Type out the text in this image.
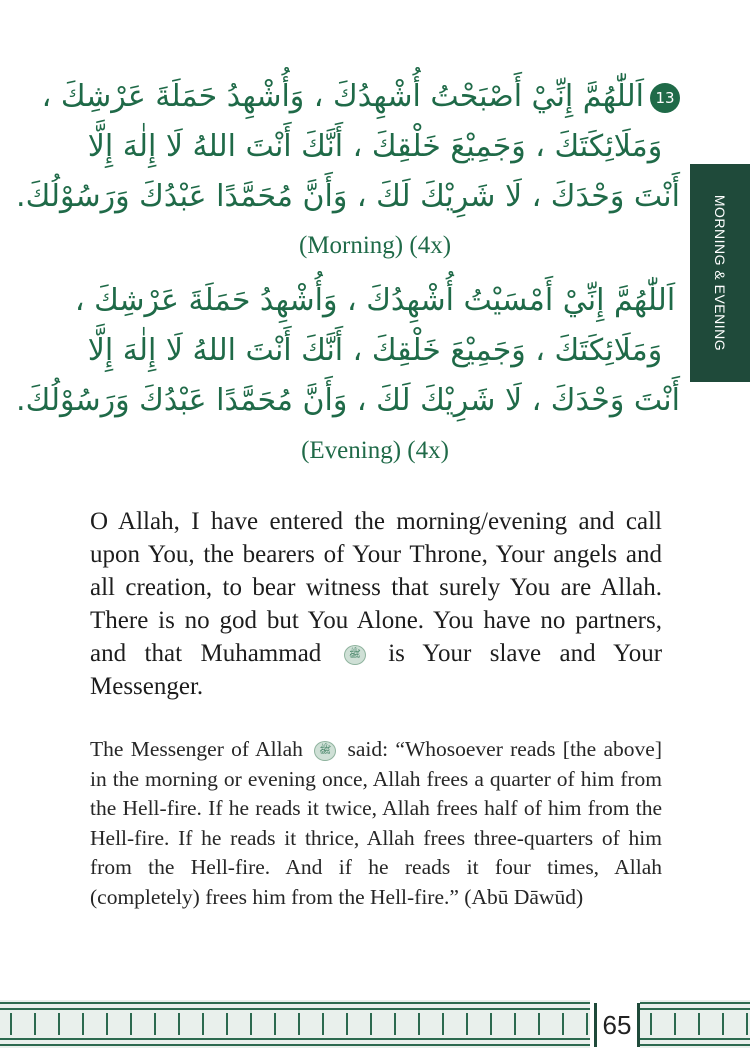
13اَللّٰهُمَّ إِنِّيْ أَصْبَحْتُ أُشْهِدُكَ ، وَأُشْهِدُ حَمَلَةَ عَرْشِكَ ،
وَمَلَائِكَتَكَ ، وَجَمِيْعَ خَلْقِكَ ، أَنَّكَ أَنْتَ اللهُ لَا إِلٰهَ إِلَّا
أَنْتَ وَحْدَكَ ، لَا شَرِيْكَ لَكَ ، وَأَنَّ مُحَمَّدًا عَبْدُكَ وَرَسُوْلُكَ.
(Morning) (4x)
اَللّٰهُمَّ إِنِّيْ أَمْسَيْتُ أُشْهِدُكَ ، وَأُشْهِدُ حَمَلَةَ عَرْشِكَ ،
وَمَلَائِكَتَكَ ، وَجَمِيْعَ خَلْقِكَ ، أَنَّكَ أَنْتَ اللهُ لَا إِلٰهَ إِلَّا
أَنْتَ وَحْدَكَ ، لَا شَرِيْكَ لَكَ ، وَأَنَّ مُحَمَّدًا عَبْدُكَ وَرَسُوْلُكَ.
(Evening) (4x)
O Allah, I have entered the morning/evening and call upon You, the bearers of Your Throne, Your angels and all creation, to bear witness that surely You are Allah. There is no god but You Alone. You have no partners, and that Muhammad	ﷺ is Your slave and Your Messenger.
The Messenger of Allah ﷺ said: “Whosoever reads [the above] in the morning or evening once, Allah frees a quarter of him from the Hell-fire. If he reads it twice, Allah frees half of him from the Hell-fire. If he reads it thrice, Allah frees three-quarters of him from the Hell-fire. And if he reads it four times, Allah (completely) frees him from the Hell-fire.” (Abū Dāwūd)
MORNING & EVENING
65
